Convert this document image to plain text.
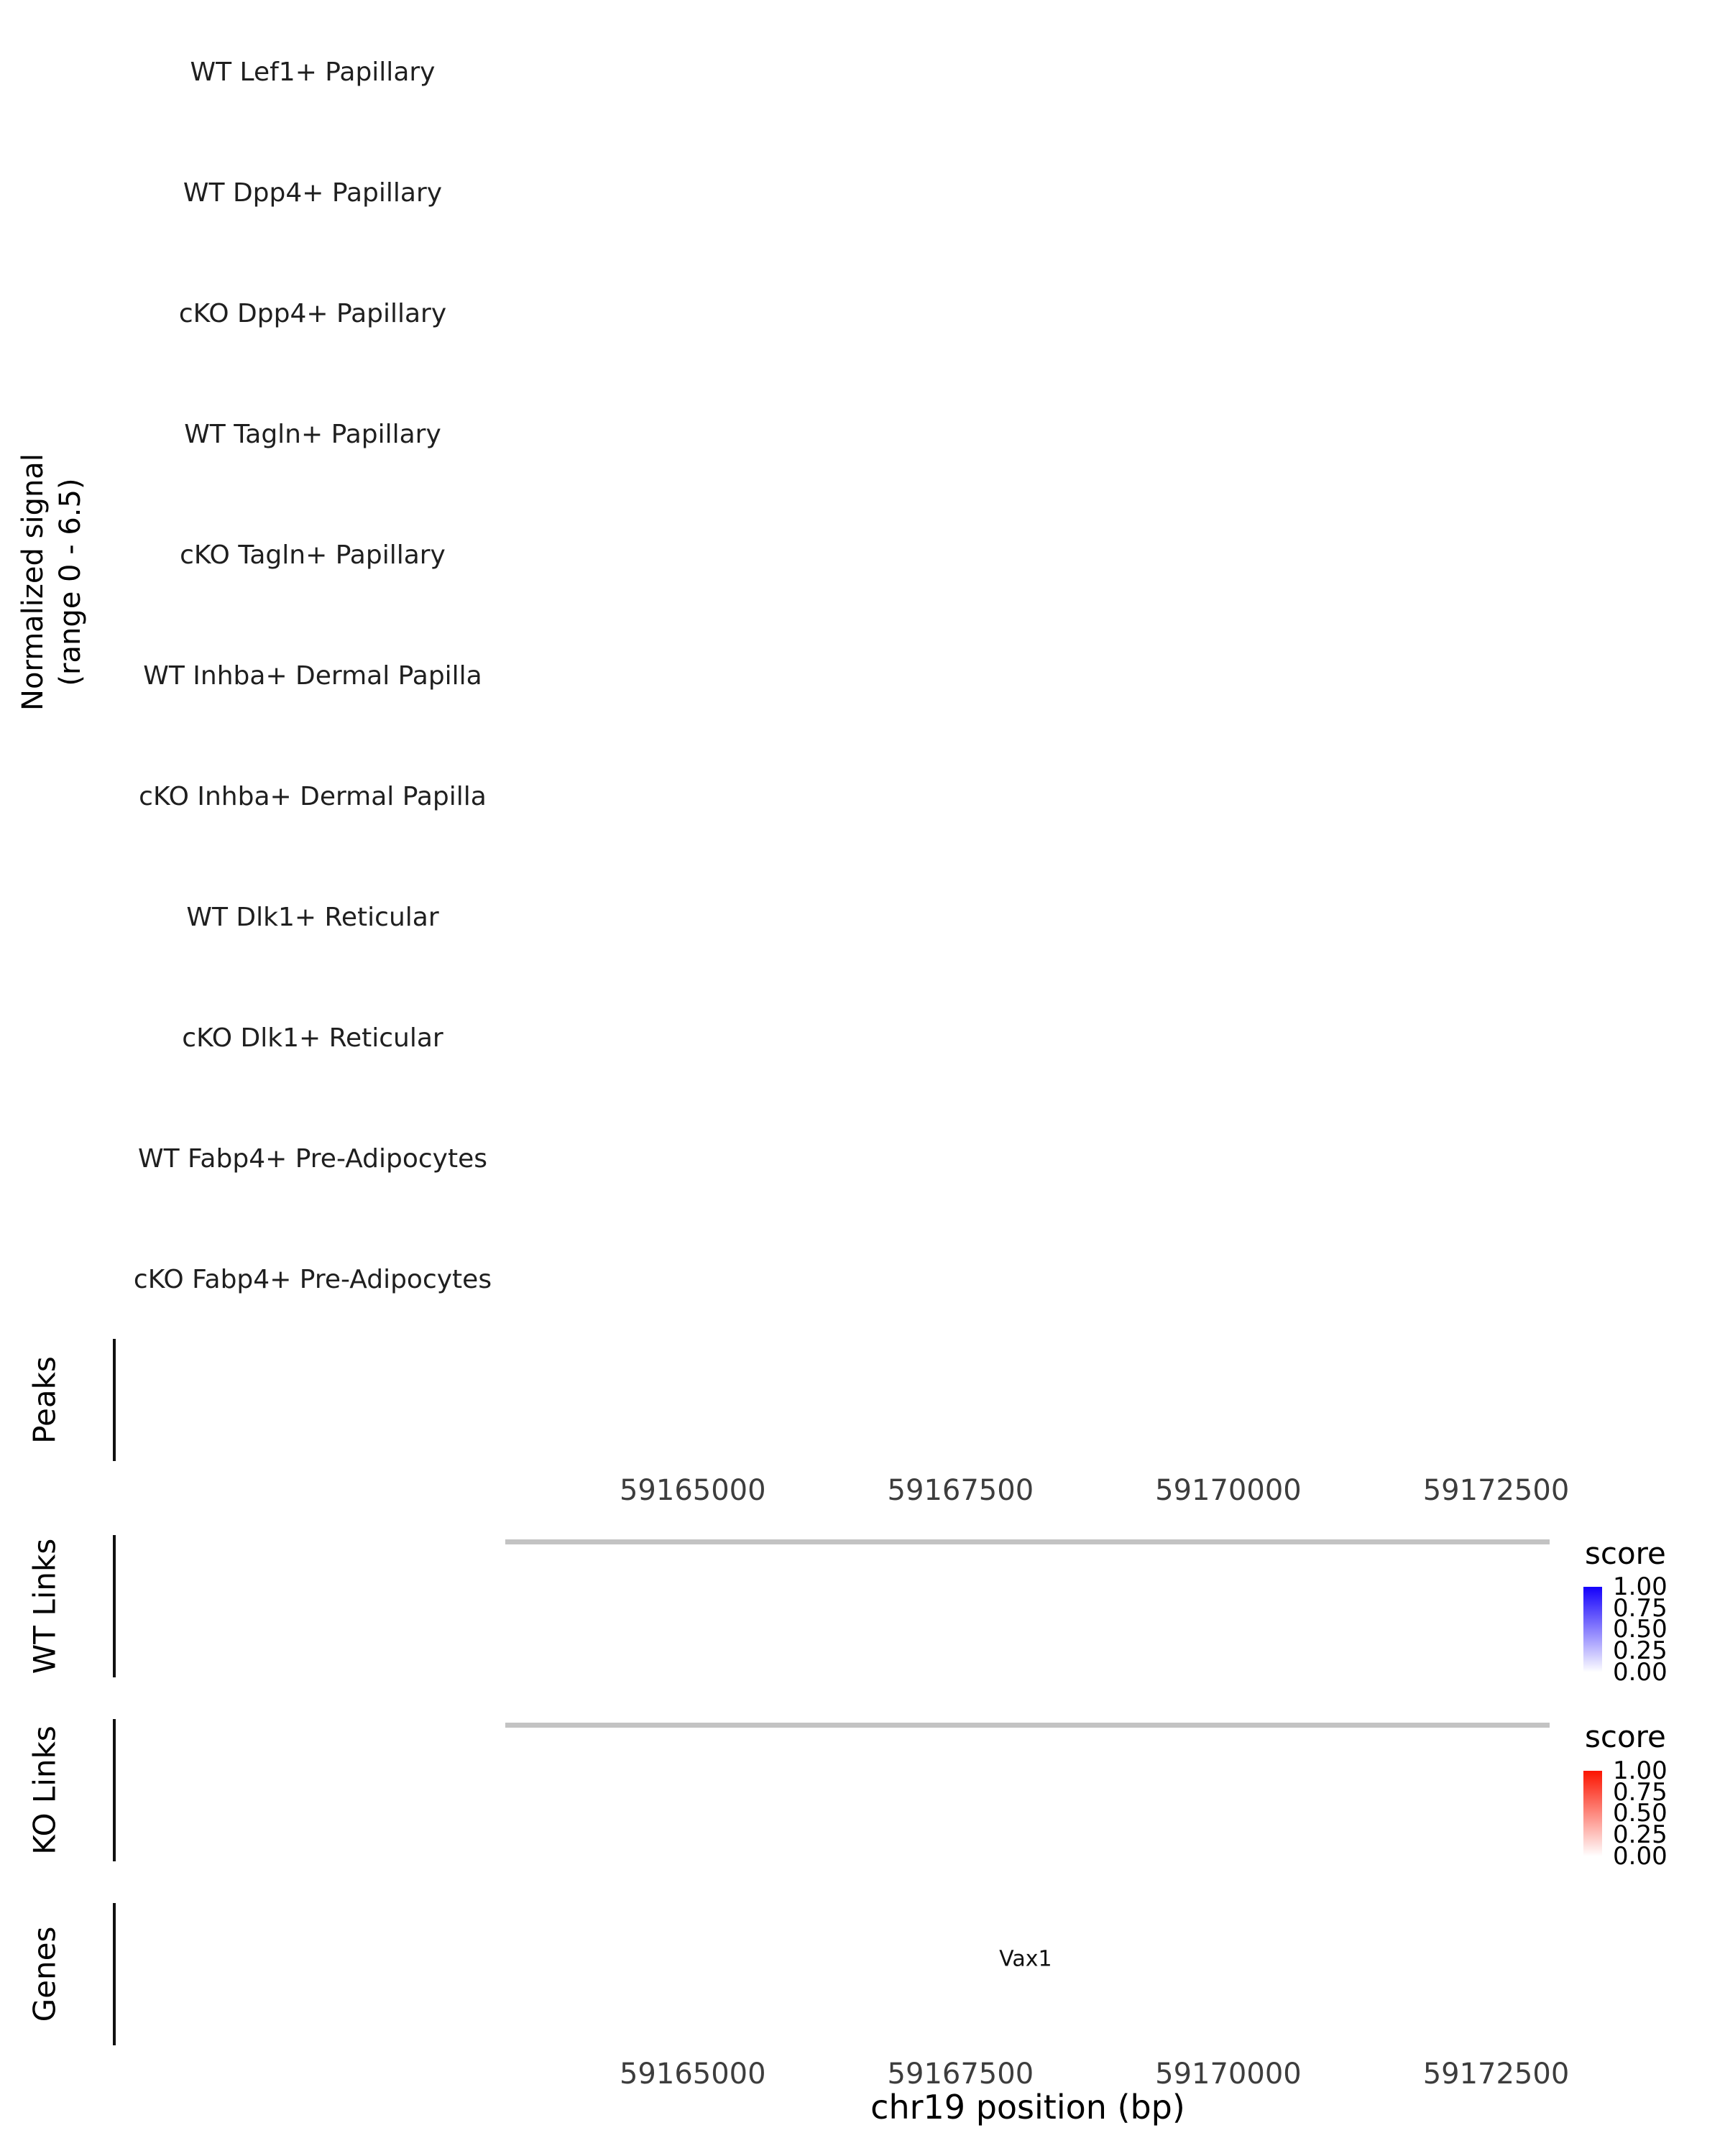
Normalized signal (range 0 - 6.5)
WT Lef1+ Papillary
WT Dpp4+ Papillary
cKO Dpp4+ Papillary
WT Tagln+ Papillary
cKO Tagln+ Papillary
WT Inhba+ Dermal Papilla
cKO Inhba+ Dermal Papilla
WT Dlk1+ Reticular
cKO Dlk1+ Reticular
WT Fabp4+ Pre-Adipocytes
cKO Fabp4+ Pre-Adipocytes
59165000	59167500	59170000	59172500
score
1.00
0.75
0.50
0.25
0.00
score
1.00
0.75
0.50
0.25
0.00
Vax1
59165000	59167500	59170000	59172500
chr19 position (bp)
Peaks
WT Links
KO Links
Genes
